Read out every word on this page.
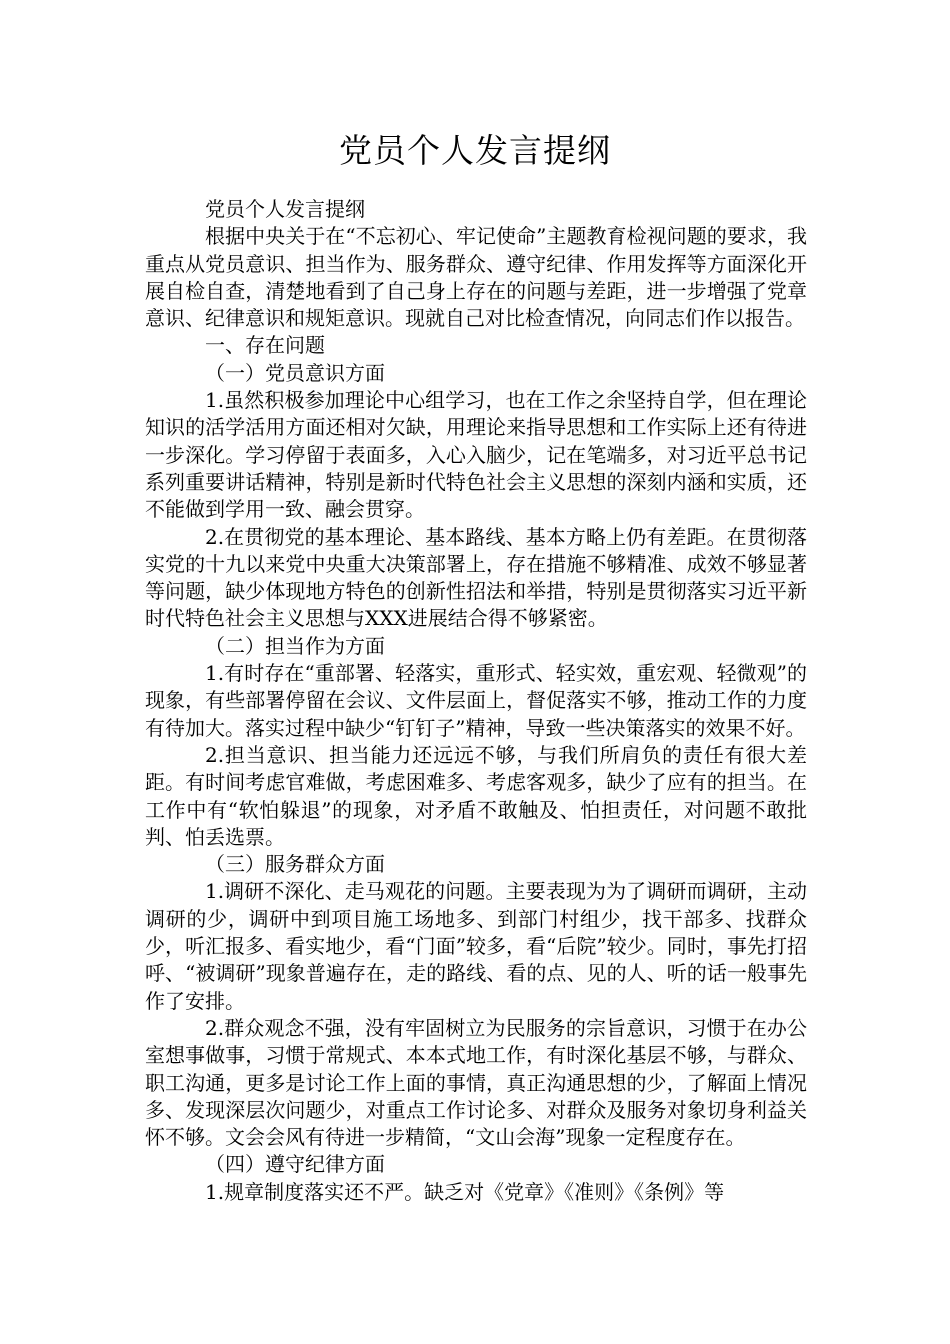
党员个人发言提纲

党员个人发言提纲

根据中央关于在“不忘初心、牢记使命”主题教育检视问题的要求，我重点从党员意识、担当作为、服务群众、遵守纪律、作用发挥等方面深化开展自检自查，清楚地看到了自己身上存在的问题与差距，进一步增强了党章意识、纪律意识和规矩意识。现就自己对比检查情况，向同志们作以报告。

一、存在问题

（一）党员意识方面

1.虽然积极参加理论中心组学习，也在工作之余坚持自学，但在理论知识的活学活用方面还相对欠缺，用理论来指导思想和工作实际上还有待进一步深化。学习停留于表面多，入心入脑少，记在笔端多，对习近平总书记系列重要讲话精神，特别是新时代特色社会主义思想的深刻内涵和实质，还不能做到学用一致、融会贯穿。

2.在贯彻党的基本理论、基本路线、基本方略上仍有差距。在贯彻落实党的十九以来党中央重大决策部署上，存在措施不够精准、成效不够显著等问题，缺少体现地方特色的创新性招法和举措，特别是贯彻落实习近平新时代特色社会主义思想与XXX进展结合得不够紧密。

（二）担当作为方面

1.有时存在“重部署、轻落实，重形式、轻实效，重宏观、轻微观”的现象，有些部署停留在会议、文件层面上，督促落实不够，推动工作的力度有待加大。落实过程中缺少“钉钉子”精神，导致一些决策落实的效果不好。

2.担当意识、担当能力还远远不够，与我们所肩负的责任有很大差距。有时间考虑官难做，考虑困难多、考虑客观多，缺少了应有的担当。在工作中有“软怕躲退”的现象，对矛盾不敢触及、怕担责任，对问题不敢批判、怕丢选票。

（三）服务群众方面

1.调研不深化、走马观花的问题。主要表现为为了调研而调研，主动调研的少，调研中到项目施工场地多、到部门村组少，找干部多、找群众少，听汇报多、看实地少，看“门面”较多，看“后院”较少。同时，事先打招呼、“被调研”现象普遍存在，走的路线、看的点、见的人、听的话一般事先作了安排。

2.群众观念不强，没有牢固树立为民服务的宗旨意识，习惯于在办公室想事做事，习惯于常规式、本本式地工作，有时深化基层不够，与群众、职工沟通，更多是讨论工作上面的事情，真正沟通思想的少，了解面上情况多、发现深层次问题少，对重点工作讨论多、对群众及服务对象切身利益关怀不够。文会会风有待进一步精简，“文山会海”现象一定程度存在。

（四）遵守纪律方面

1.规章制度落实还不严。缺乏对《党章》《准则》《条例》等
